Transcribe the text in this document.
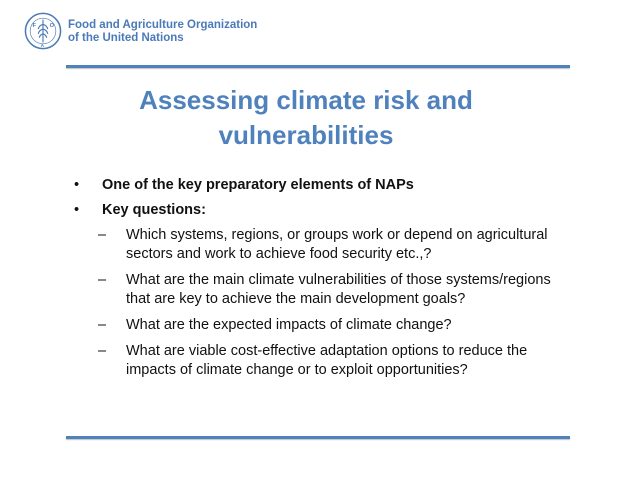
F O
A
Food and Agriculture Organization
of the United Nations
Assessing climate risk and
vulnerabilities
• One of the key preparatory elements of NAPs
• Key questions:
– Which systems, regions, or groups work or depend on agricultural sectors and work to achieve food security etc.,?
– What are the main climate vulnerabilities of those systems/regions that are key to achieve the main development goals?
– What are the expected impacts of climate change?
– What are viable cost-effective adaptation options to reduce the impacts of climate change or to exploit opportunities?
